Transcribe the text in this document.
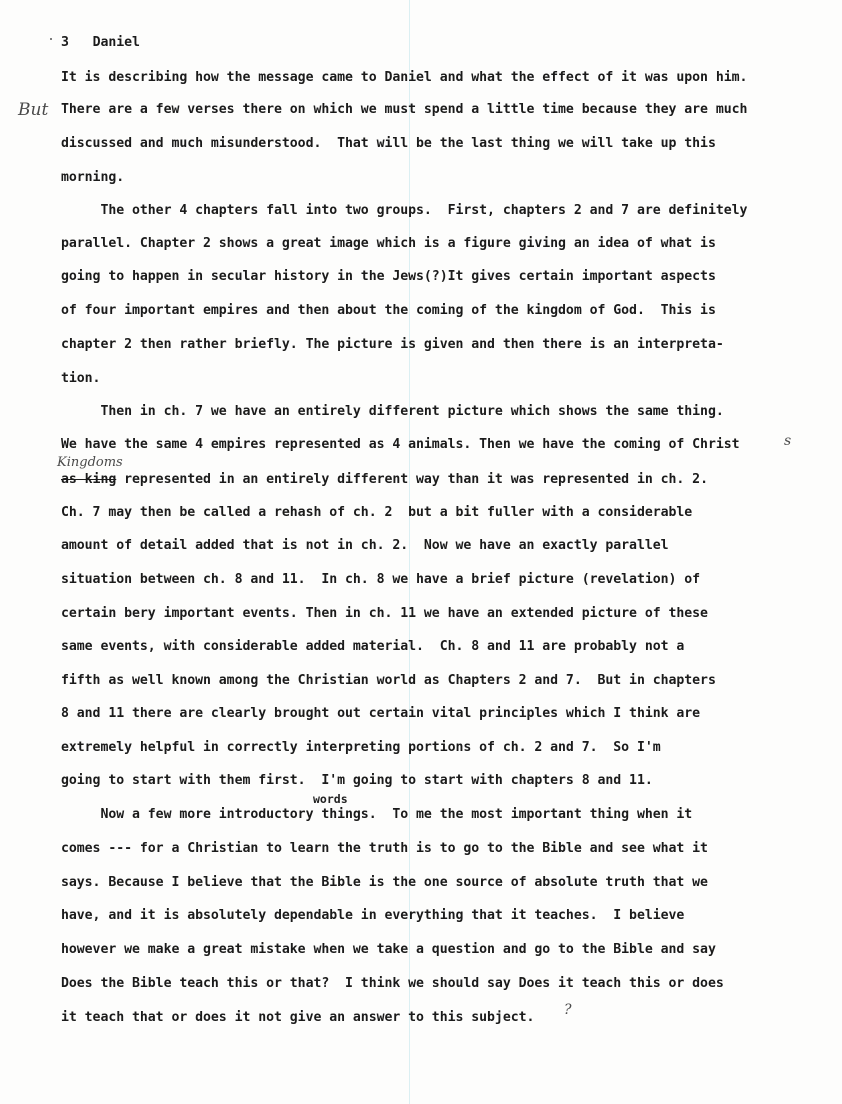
3 Daniel
It is describing how the message came to Daniel and what the effect of it was upon him.
But There are a few verses there on which we must spend a little time because they are much
discussed and much misunderstood.  That will be the last thing we will take up this
morning.
The other 4 chapters fall into two groups.  First, chapters 2 and 7 are definitely
parallel. Chapter 2 shows a great image which is a figure giving an idea of what is
going to happen in secular history in the Jews(?)It gives certain important aspects
of four important empires and then about the coming of the kingdom of God.  This is
chapter 2 then rather briefly. The picture is given and then there is an interpreta-
tion.
Then in ch. 7 we have an entirely different picture which shows the same thing.
We have the same 4 empires represented as 4 animals. Then we have the coming of Christ	s
Kingdoms
as king represented in an entirely different way than it was represented in ch. 2.
Ch. 7 may then be called a rehash of ch. 2  but a bit fuller with a considerable
amount of detail added that is not in ch. 2.  Now we have an exactly parallel
situation between ch. 8 and 11.  In ch. 8 we have a brief picture (revelation) of
certain bery important events. Then in ch. 11 we have an extended picture of these
same events, with considerable added material.  Ch. 8 and 11 are probably not a
fifth as well known among the Christian world as Chapters 2 and 7.  But in chapters
8 and 11 there are clearly brought out certain vital principles which I think are
extremely helpful in correctly interpreting portions of ch. 2 and 7.  So I'm
going to start with them first.  I'm going to start with chapters 8 and 11.
words
Now a few more introductory things.  To me the most important thing when it
comes --- for a Christian to learn the truth is to go to the Bible and see what it
says. Because I believe that the Bible is the one source of absolute truth that we
have, and it is absolutely dependable in everything that it teaches.  I believe
however we make a great mistake when we take a question and go to the Bible and say
Does the Bible teach this or that?  I think we should say Does it teach this or does
it teach that or does it not give an answer to this subject.	?
